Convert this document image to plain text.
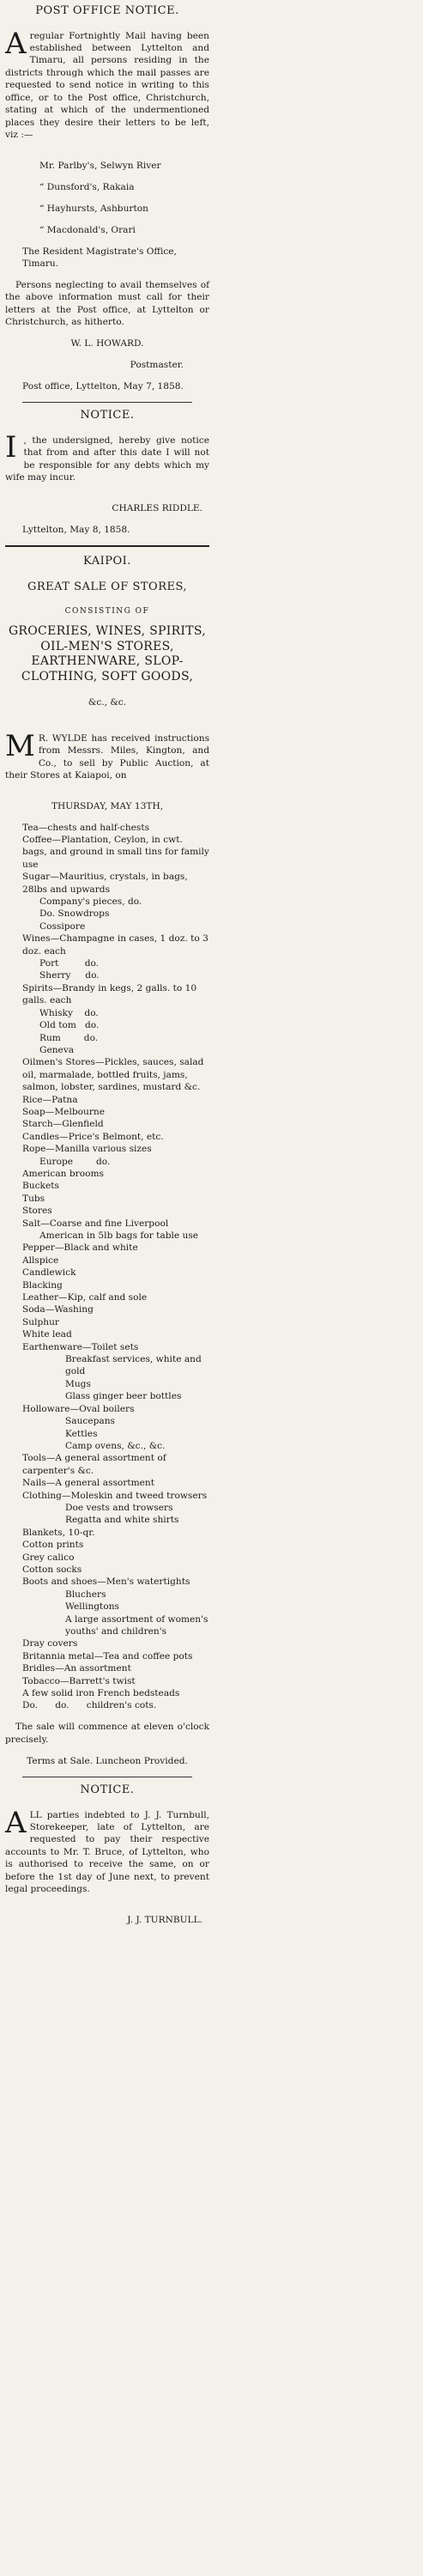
POST OFFICE NOTICE.

A regular Fortnightly Mail having been established between Lyttelton and Timaru, all persons residing in the districts through which the mail passes are requested to send notice in writing to this office, or to the Post office, Christchurch, stating at which of the undermentioned places they desire their letters to be left, viz :—

Mr. Parlby's, Selwyn River

“ Dunsford's, Rakaia

“ Hayhursts, Ashburton

“ Macdonald's, Orari

The Resident Magistrate's Office, Timaru.

Persons neglecting to avail themselves of the above information must call for their letters at the Post office, at Lyttelton or Christchurch, as hitherto.

W. L. HOWARD.

Postmaster.

Post office, Lyttelton, May 7, 1858.

NOTICE.

I , the undersigned, hereby give notice that from and after this date I will not be responsible for any debts which my wife may incur.

CHARLES RIDDLE.

Lyttelton, May 8, 1858.

KAIPOI.

GREAT SALE OF STORES,

CONSISTING OF

GROCERIES, WINES, SPIRITS, OIL-MEN'S STORES, EARTHENWARE, SLOP-CLOTHING, SOFT GOODS,

&c., &c.

M R. WYLDE has received instructions from Messrs. Miles, Kington, and Co., to sell by Public Auction, at their Stores at Kaiapoi, on

THURSDAY, MAY 13TH,

Tea—chests and half-chests

Coffee—Plantation, Ceylon, in cwt. bags, and ground in small tins for family use

Sugar—Mauritius, crystals, in bags, 28lbs and upwards

Company's pieces, do.

Do. Snowdrops

Cossipore

Wines—Champagne in cases, 1 doz. to 3 doz. each

Port         do.

Sherry     do.

Spirits—Brandy in kegs, 2 galls. to 10 galls. each

Whisky    do.

Old tom   do.

Rum        do.

Geneva

Oilmen's Stores—Pickles, sauces, salad oil, marmalade, bottled fruits, jams, salmon, lobster, sardines, mustard &c.

Rice—Patna

Soap—Melbourne

Starch—Glenfield

Candles—Price's Belmont, etc.

Rope—Manilla various sizes

Europe        do.

American brooms

Buckets

Tubs

Stores

Salt—Coarse and fine Liverpool

American in 5lb bags for table use

Pepper—Black and white

Allspice

Candlewick

Blacking

Leather—Kip, calf and sole

Soda—Washing

Sulphur

White lead

Earthenware—Toilet sets

Breakfast services, white and gold

Mugs

Glass ginger beer bottles

Holloware—Oval boilers

Saucepans

Kettles

Camp ovens, &c., &c.

Tools—A general assortment of carpenter's &c.

Nails—A general assortment

Clothing—Moleskin and tweed trowsers

Doe vests and trowsers

Regatta and white shirts

Blankets, 10-qr.

Cotton prints

Grey calico

Cotton socks

Boots and shoes—Men's watertights

Bluchers

Wellingtons

A large assortment of women's youths' and children's

Dray covers

Britannia metal—Tea and coffee pots

Bridles—An assortment

Tobacco—Barrett's twist

A few solid iron French bedsteads

Do.      do.      children's cots.

The sale will commence at eleven o'clock precisely.

Terms at Sale. Luncheon Provided.

NOTICE.

A LL parties indebted to J. J. Turnbull, Storekeeper, late of Lyttelton, are requested to pay their respective accounts to Mr. T. Bruce, of Lyttelton, who is authorised to receive the same, on or before the 1st day of June next, to prevent legal proceedings.

J. J. TURNBULL.
